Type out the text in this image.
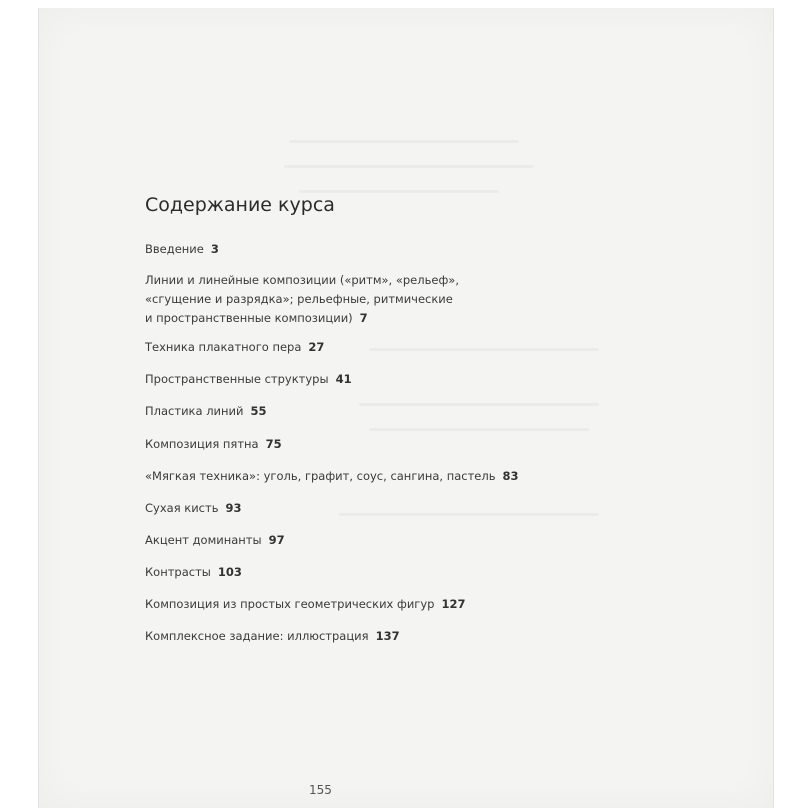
Содержание курса
Введение 3
Линии и линейные композиции («ритм», «рельеф»,
«сгущение и разрядка»; рельефные, ритмические
и пространственные композиции) 7
Техника плакатного пера 27
Пространственные структуры 41
Пластика линий 55
Композиция пятна 75
«Мягкая техника»: уголь, графит, соус, сангина, пастель 83
Сухая кисть 93
Акцент доминанты 97
Контрасты 103
Композиция из простых геометрических фигур 127
Комплексное задание: иллюстрация 137
155
